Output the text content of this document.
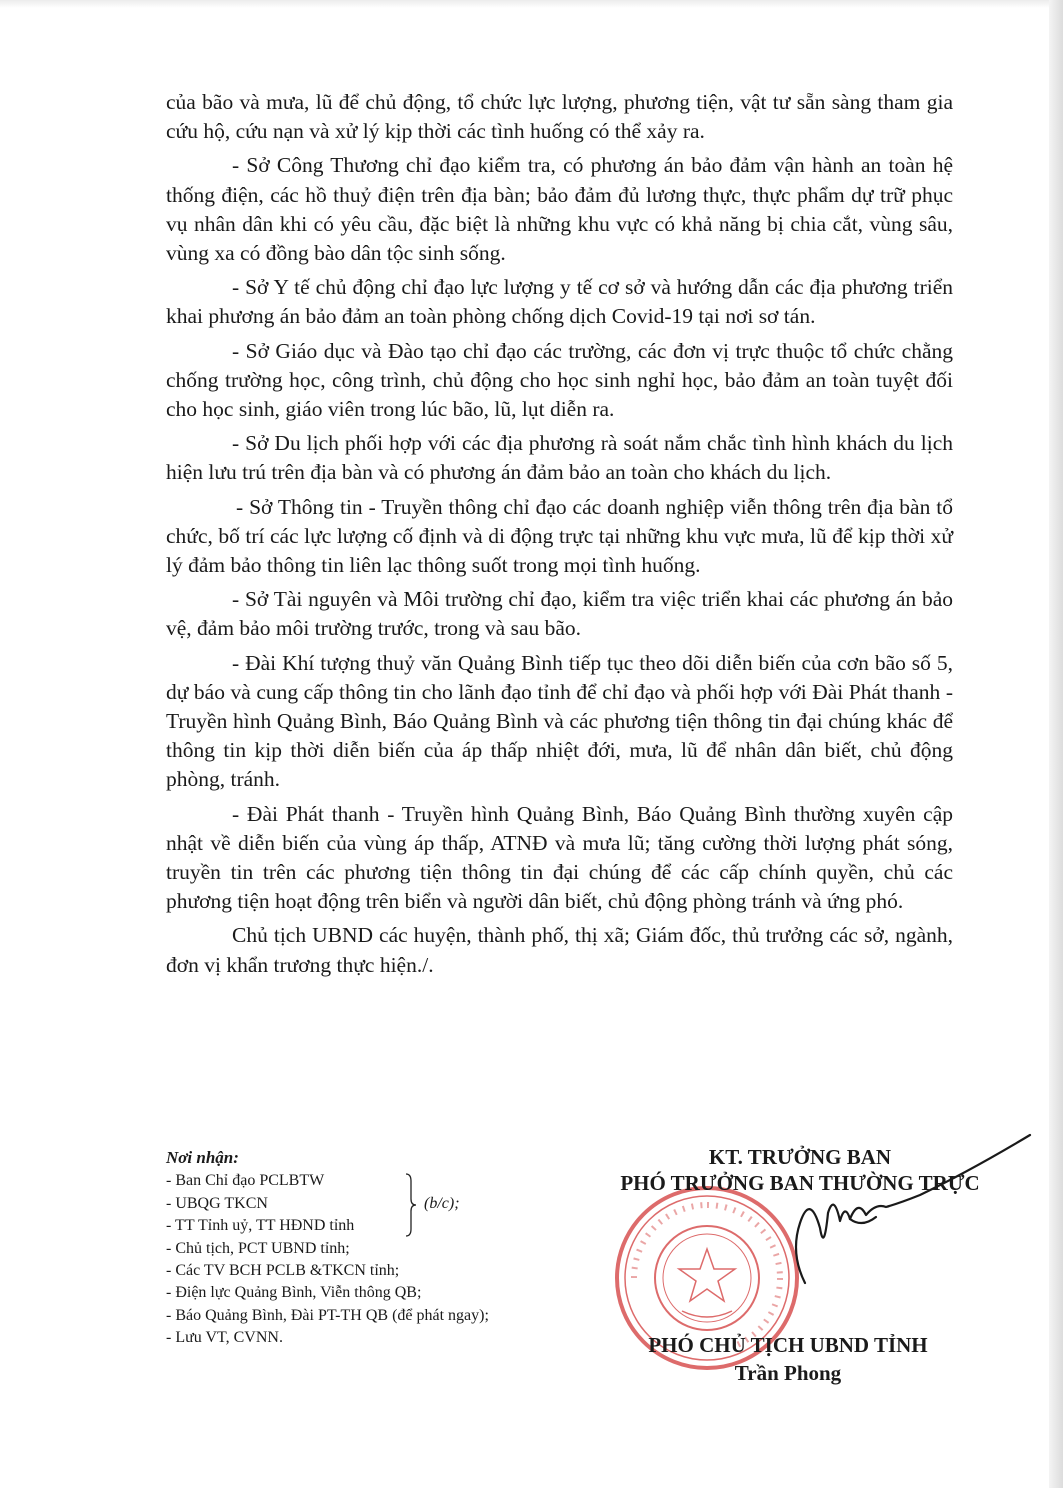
của bão và mưa, lũ để chủ động, tổ chức lực lượng, phương tiện, vật tư sẵn sàng tham gia cứu hộ, cứu nạn và xử lý kịp thời các tình huống có thể xảy ra.

- Sở Công Thương chỉ đạo kiểm tra, có phương án bảo đảm vận hành an toàn hệ thống điện, các hồ thuỷ điện trên địa bàn; bảo đảm đủ lương thực, thực phẩm dự trữ phục vụ nhân dân khi có yêu cầu, đặc biệt là những khu vực có khả năng bị chia cắt, vùng sâu, vùng xa có đồng bào dân tộc sinh sống.

- Sở Y tế chủ động chỉ đạo lực lượng y tế cơ sở và hướng dẫn các địa phương triển khai phương án bảo đảm an toàn phòng chống dịch Covid-19 tại nơi sơ tán.

- Sở Giáo dục và Đào tạo chỉ đạo các trường, các đơn vị trực thuộc tổ chức chằng chống trường học, công trình, chủ động cho học sinh nghỉ học, bảo đảm an toàn tuyệt đối cho học sinh, giáo viên trong lúc bão, lũ, lụt diễn ra.

- Sở Du lịch phối hợp với các địa phương rà soát nắm chắc tình hình khách du lịch hiện lưu trú trên địa bàn và có phương án đảm bảo an toàn cho khách du lịch.

- Sở Thông tin - Truyền thông chỉ đạo các doanh nghiệp viễn thông trên địa bàn tổ chức, bố trí các lực lượng cố định và di động trực tại những khu vực mưa, lũ để kịp thời xử lý đảm bảo thông tin liên lạc thông suốt trong mọi tình huống.

- Sở Tài nguyên và Môi trường chỉ đạo, kiểm tra việc triển khai các phương án bảo vệ, đảm bảo môi trường trước, trong và sau bão.

- Đài Khí tượng thuỷ văn Quảng Bình tiếp tục theo dõi diễn biến của cơn bão số 5, dự báo và cung cấp thông tin cho lãnh đạo tỉnh để chỉ đạo và phối hợp với Đài Phát thanh - Truyền hình Quảng Bình, Báo Quảng Bình và các phương tiện thông tin đại chúng khác để thông tin kịp thời diễn biến của áp thấp nhiệt đới, mưa, lũ để nhân dân biết, chủ động phòng, tránh.

- Đài Phát thanh - Truyền hình Quảng Bình, Báo Quảng Bình thường xuyên cập nhật về diễn biến của vùng áp thấp, ATNĐ và mưa lũ; tăng cường thời lượng phát sóng, truyền tin trên các phương tiện thông tin đại chúng để các cấp chính quyền, chủ các phương tiện hoạt động trên biển và người dân biết, chủ động phòng tránh và ứng phó.

Chủ tịch UBND các huyện, thành phố, thị xã; Giám đốc, thủ trưởng các sở, ngành, đơn vị khẩn trương thực hiện./.

Nơi nhận:
- Ban Chỉ đạo PCLBTW
- UBQG TKCN
- TT Tỉnh uỷ, TT HĐND tỉnh
- Chủ tịch, PCT UBND tỉnh;
- Các TV BCH PCLB &TKCN tỉnh;
- Điện lực Quảng Bình, Viễn thông QB;
- Báo Quảng Bình, Đài PT-TH QB (để phát ngay);
- Lưu VT, CVNN.
(b/c);
KT. TRƯỞNG BAN
PHÓ TRƯỞNG BAN THƯỜNG TRỰC
PHÓ CHỦ TỊCH UBND TỈNH
Trần Phong
